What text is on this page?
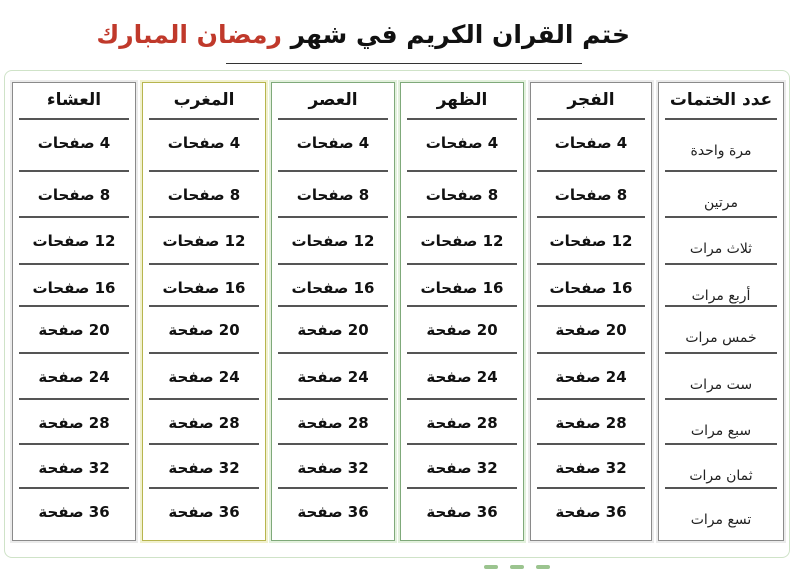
ختم القران الكريم في شهر رمضان المبارك
عدد الختمات
مرة واحدة
مرتين
ثلاث مرات
أربع مرات
خمس مرات
ست مرات
سبع مرات
ثمان مرات
تسع مرات
الفجر
4 صفحات
8 صفحات
12 صفحات
16 صفحات
20 صفحة
24 صفحة
28 صفحة
32 صفحة
36 صفحة
الظهر
4 صفحات
8 صفحات
12 صفحات
16 صفحات
20 صفحة
24 صفحة
28 صفحة
32 صفحة
36 صفحة
العصر
4 صفحات
8 صفحات
12 صفحات
16 صفحات
20 صفحة
24 صفحة
28 صفحة
32 صفحة
36 صفحة
المغرب
4 صفحات
8 صفحات
12 صفحات
16 صفحات
20 صفحة
24 صفحة
28 صفحة
32 صفحة
36 صفحة
العشاء
4 صفحات
8 صفحات
12 صفحات
16 صفحات
20 صفحة
24 صفحة
28 صفحة
32 صفحة
36 صفحة
